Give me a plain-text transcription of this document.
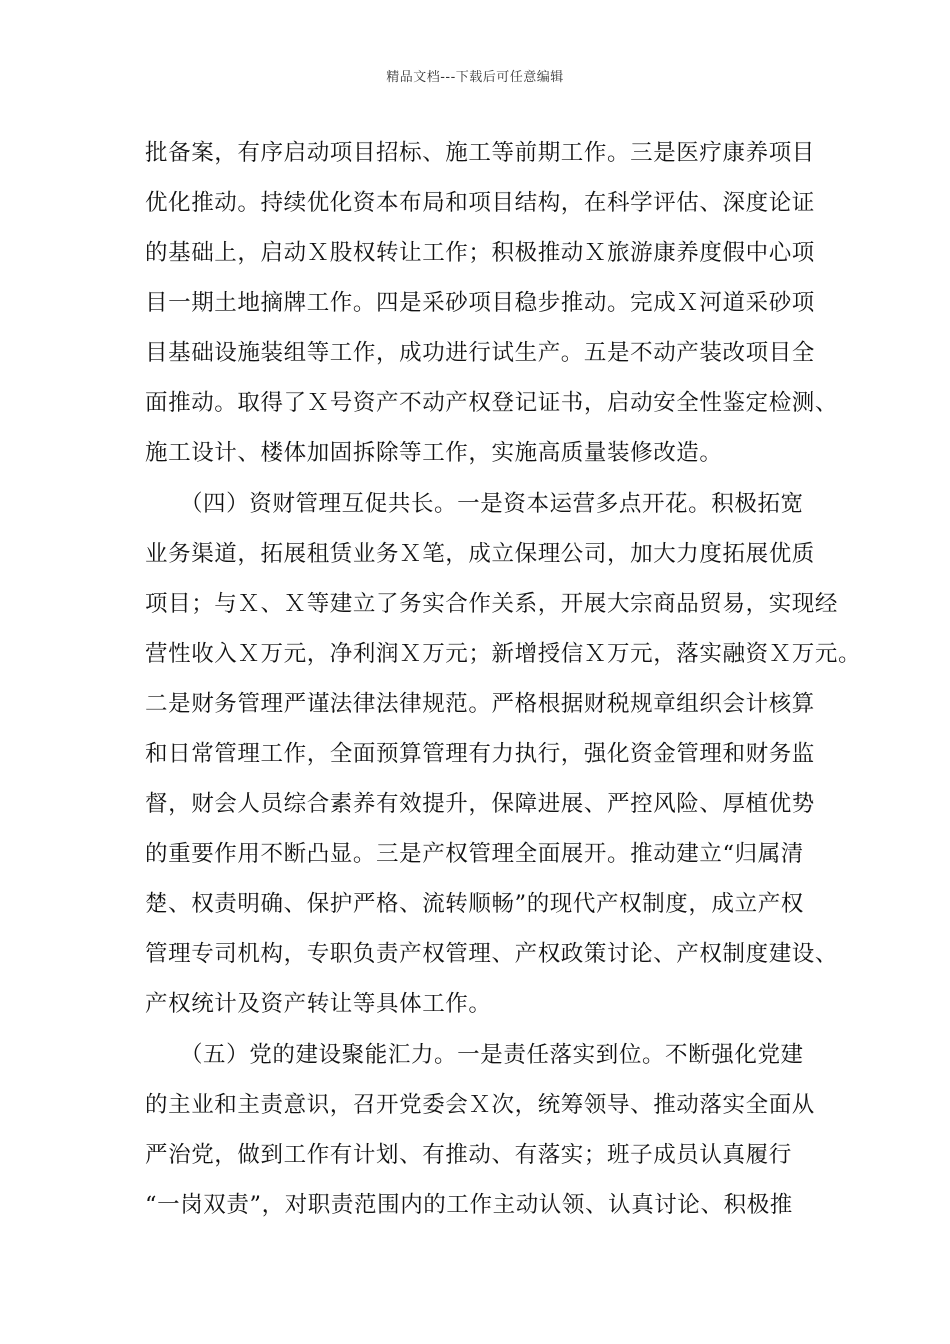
精品文档---下载后可任意编辑
批备案，有序启动项目招标、施工等前期工作。三是医疗康养项目
优化推动。持续优化资本布局和项目结构，在科学评估、深度论证
的基础上，启动Ｘ股权转让工作；积极推动Ｘ旅游康养度假中心项
目一期土地摘牌工作。四是采砂项目稳步推动。完成Ｘ河道采砂项
目基础设施装组等工作，成功进行试生产。五是不动产装改项目全
面推动。取得了Ｘ号资产不动产权登记证书，启动安全性鉴定检测、
施工设计、楼体加固拆除等工作，实施高质量装修改造。
　　（四）资财管理互促共长。一是资本运营多点开花。积极拓宽
业务渠道，拓展租赁业务Ｘ笔，成立保理公司，加大力度拓展优质
项目；与Ｘ、Ｘ等建立了务实合作关系，开展大宗商品贸易，实现经
营性收入Ｘ万元，净利润Ｘ万元；新增授信Ｘ万元，落实融资Ｘ万元。
二是财务管理严谨法律法律规范。严格根据财税规章组织会计核算
和日常管理工作，全面预算管理有力执行，强化资金管理和财务监
督，财会人员综合素养有效提升，保障进展、严控风险、厚植优势
的重要作用不断凸显。三是产权管理全面展开。推动建立“归属清
楚、权责明确、保护严格、流转顺畅”的现代产权制度，成立产权
管理专司机构，专职负责产权管理、产权政策讨论、产权制度建设、
产权统计及资产转让等具体工作。
　　（五）党的建设聚能汇力。一是责任落实到位。不断强化党建
的主业和主责意识，召开党委会Ｘ次，统筹领导、推动落实全面从
严治党，做到工作有计划、有推动、有落实；班子成员认真履行
“一岗双责”，对职责范围内的工作主动认领、认真讨论、积极推
